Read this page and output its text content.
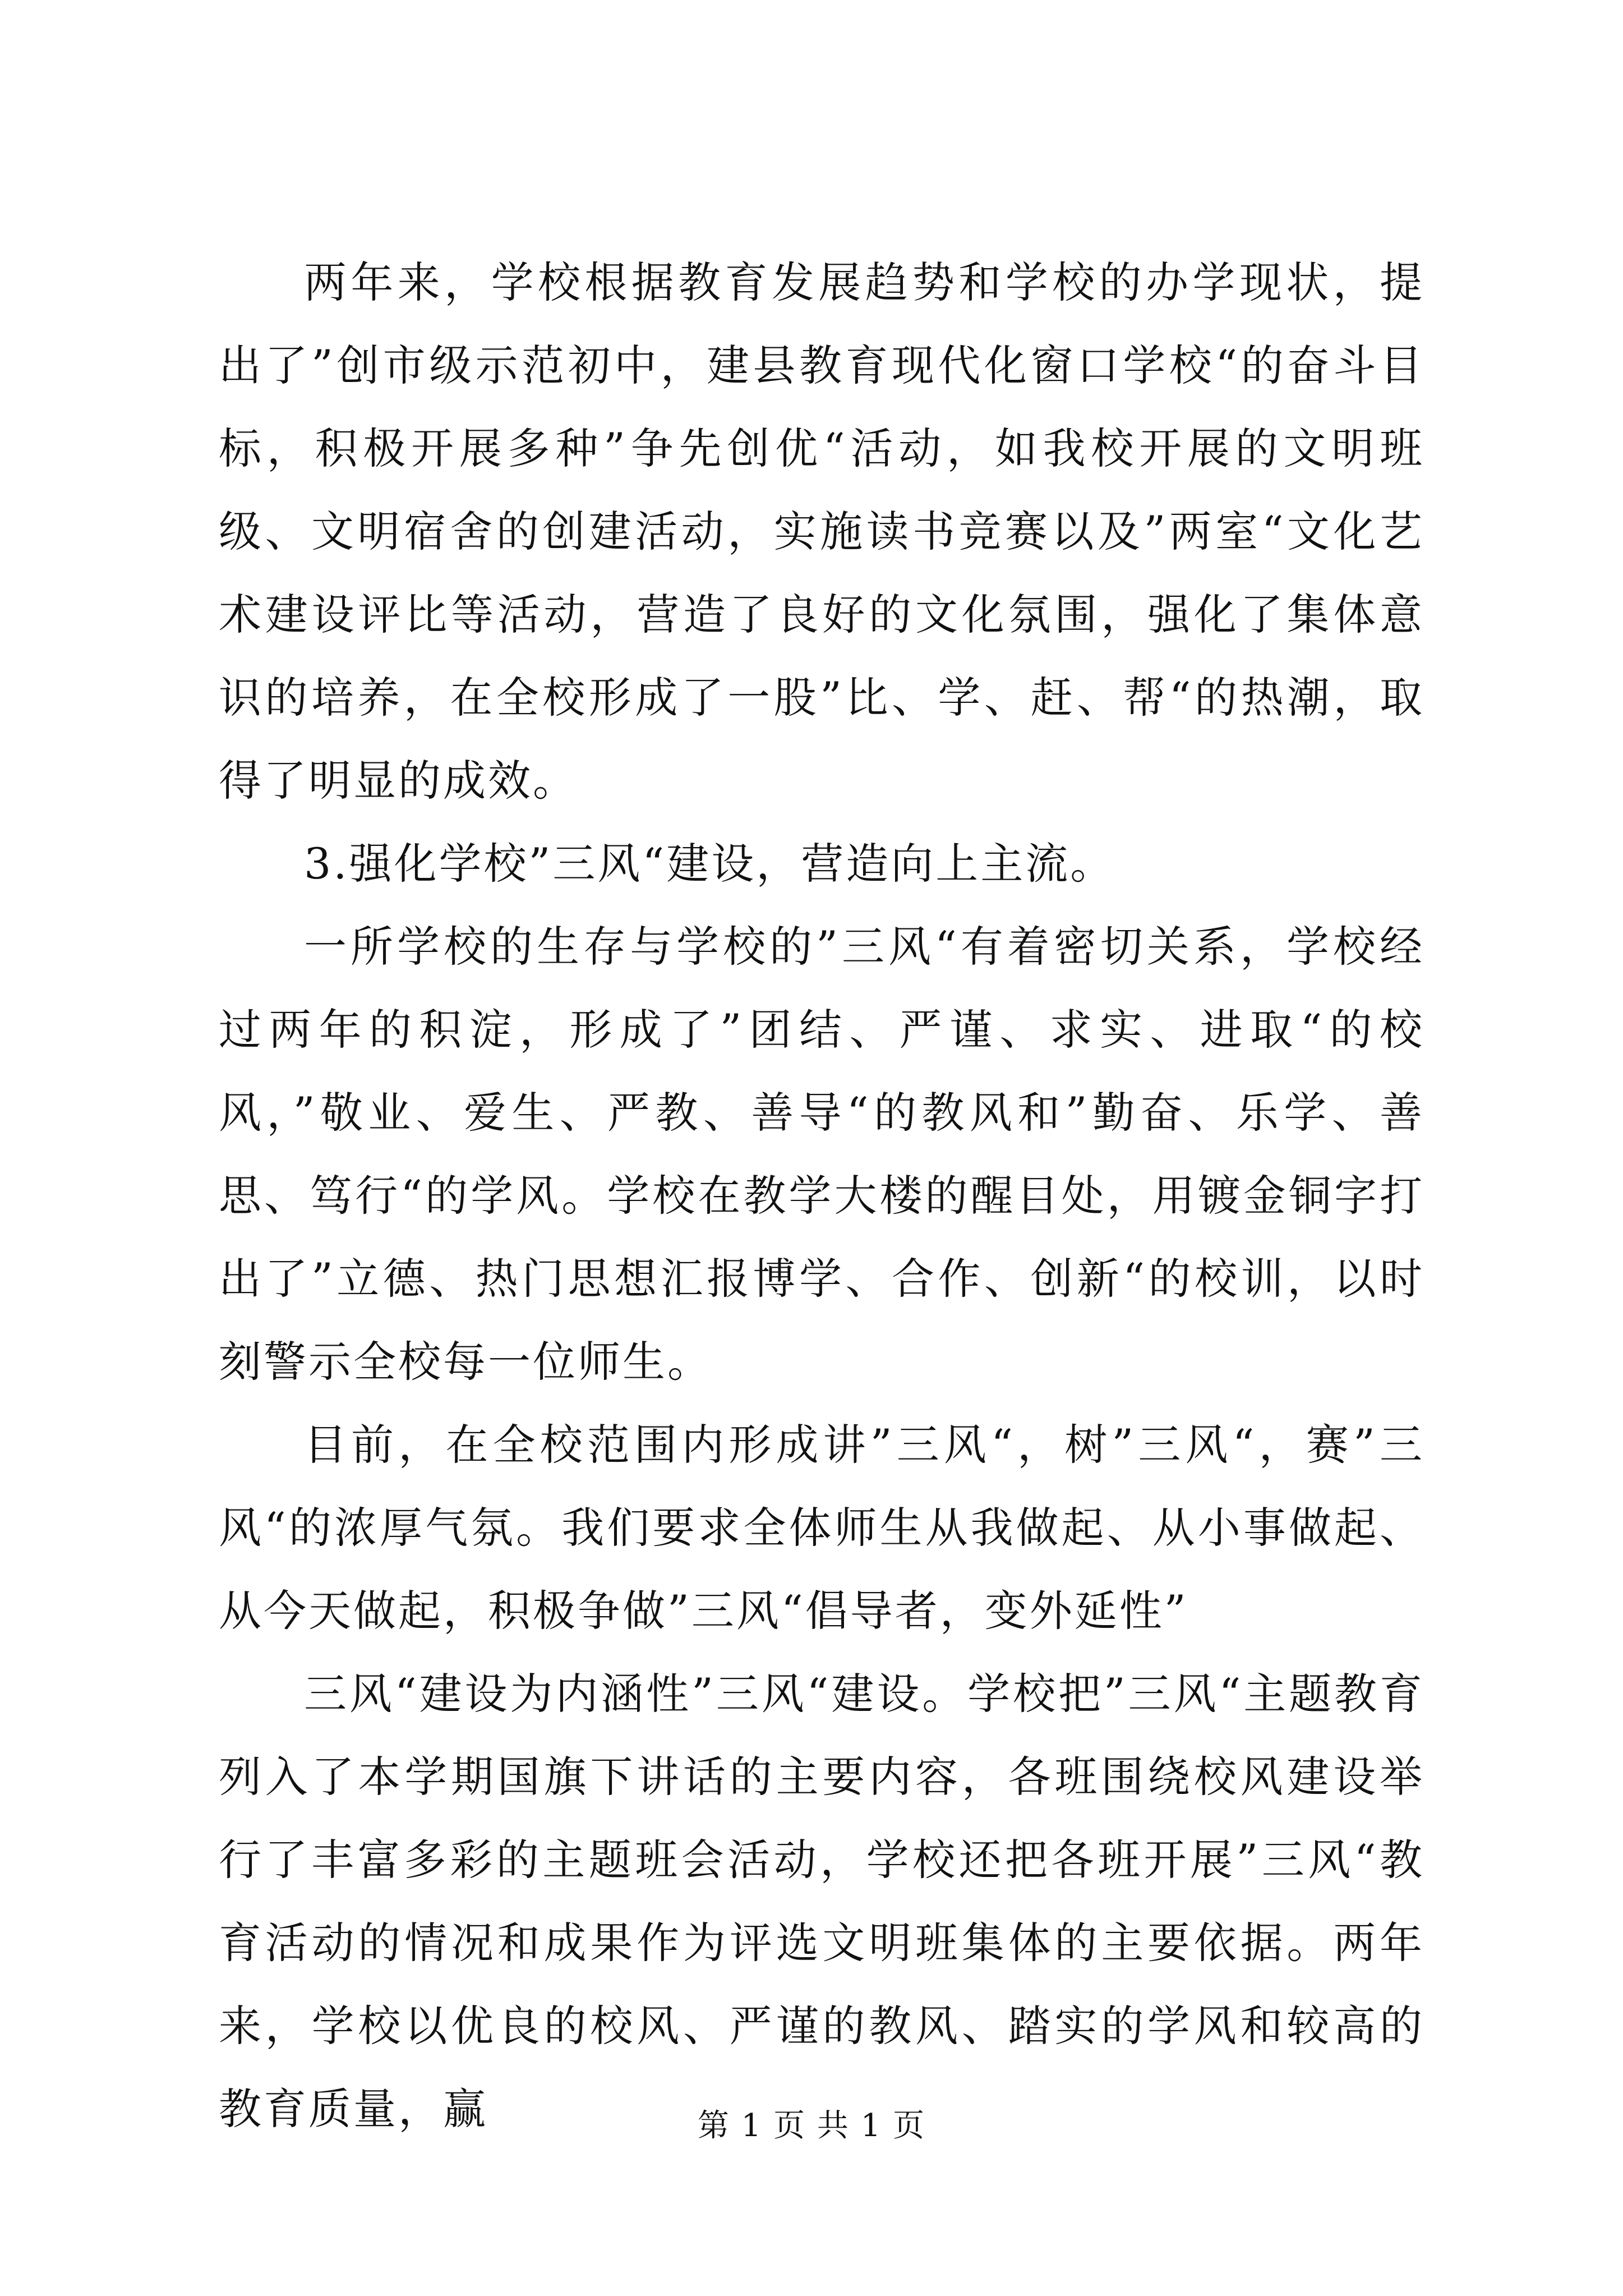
两年来，学校根据教育发展趋势和学校的办学现状，提出了”创市级示范初中，建县教育现代化窗口学校“的奋斗目标，积极开展多种”争先创优“活动，如我校开展的文明班级、文明宿舍的创建活动，实施读书竞赛以及”两室“文化艺术建设评比等活动，营造了良好的文化氛围，强化了集体意识的培养，在全校形成了一股”比、学、赶、帮“的热潮，取得了明显的成效。

3.强化学校”三风“建设，营造向上主流。

一所学校的生存与学校的”三风“有着密切关系，学校经过两年的积淀，形成了”团结、严谨、求实、进取“的校风，”敬业、爱生、严教、善导“的教风和”勤奋、乐学、善思、笃行“的学风。学校在教学大楼的醒目处，用镀金铜字打出了”立德、热门思想汇报博学、合作、创新“的校训，以时刻警示全校每一位师生。

目前，在全校范围内形成讲”三风“，树”三风“，赛”三风“的浓厚气氛。我们要求全体师生从我做起、从小事做起、从今天做起，积极争做”三风“倡导者，变外延性”

三风“建设为内涵性”三风“建设。学校把”三风“主题教育列入了本学期国旗下讲话的主要内容，各班围绕校风建设举行了丰富多彩的主题班会活动，学校还把各班开展”三风“教育活动的情况和成果作为评选文明班集体的主要依据。两年来，学校以优良的校风、严谨的教风、踏实的学风和较高的教育质量，赢	第 1 页 共 1 页
